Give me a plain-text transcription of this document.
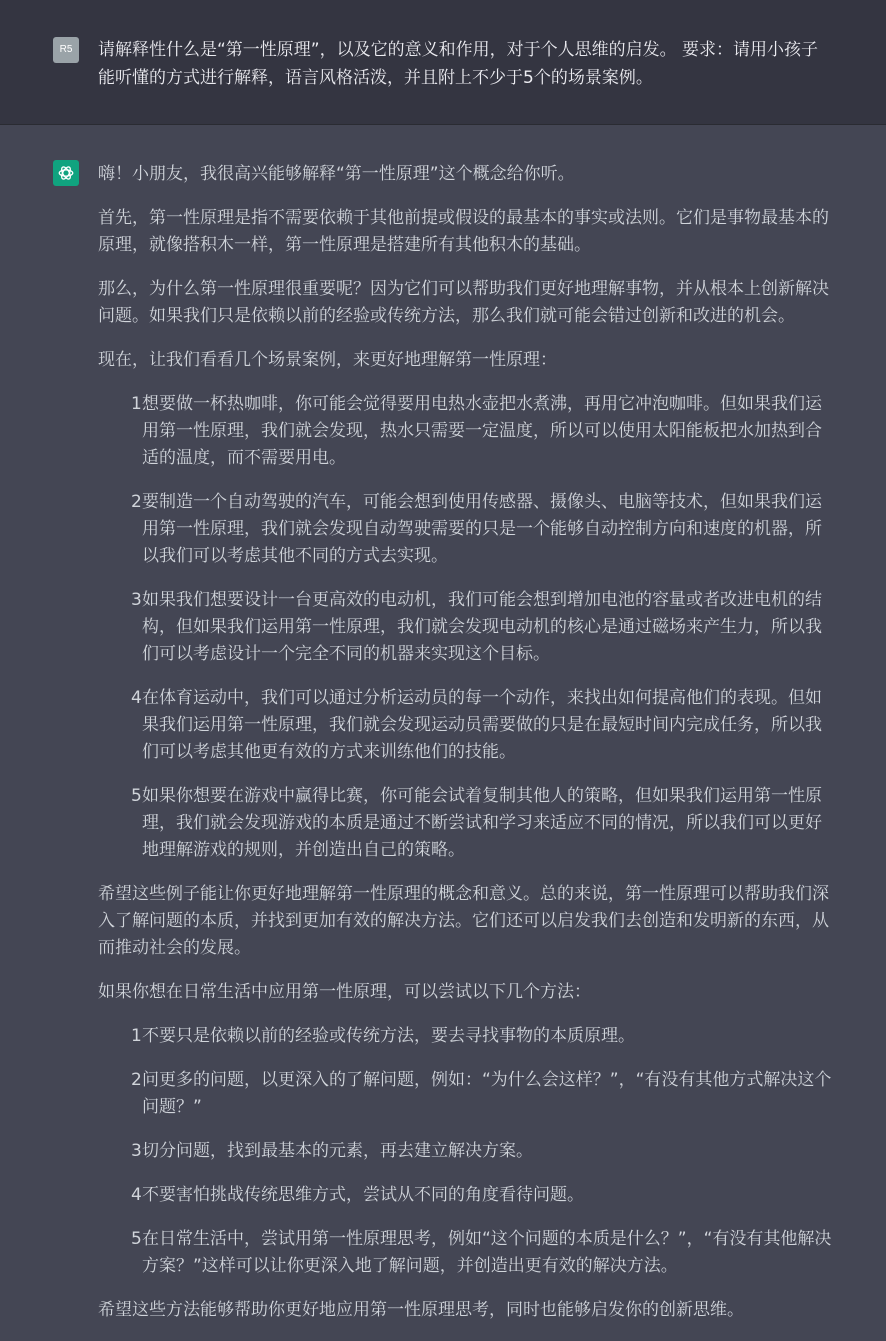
R5	请解释性什么是“第一性原理”，以及它的意义和作用，对于个人思维的启发。 要求：请用小孩子能听懂的方式进行解释，语言风格活泼，并且附上不少于5个的场景案例。

嗨！小朋友，我很高兴能够解释“第一性原理”这个概念给你听。

首先，第一性原理是指不需要依赖于其他前提或假设的最基本的事实或法则。它们是事物最基本的原理，就像搭积木一样，第一性原理是搭建所有其他积木的基础。

那么，为什么第一性原理很重要呢？因为它们可以帮助我们更好地理解事物，并从根本上创新解决问题。如果我们只是依赖以前的经验或传统方法，那么我们就可能会错过创新和改进的机会。

现在，让我们看看几个场景案例，来更好地理解第一性原理：

1 想要做一杯热咖啡，你可能会觉得要用电热水壶把水煮沸，再用它冲泡咖啡。但如果我们运用第一性原理，我们就会发现，热水只需要一定温度，所以可以使用太阳能板把水加热到合适的温度，而不需要用电。
2 要制造一个自动驾驶的汽车，可能会想到使用传感器、摄像头、电脑等技术，但如果我们运用第一性原理，我们就会发现自动驾驶需要的只是一个能够自动控制方向和速度的机器，所以我们可以考虑其他不同的方式去实现。
3 如果我们想要设计一台更高效的电动机，我们可能会想到增加电池的容量或者改进电机的结构，但如果我们运用第一性原理，我们就会发现电动机的核心是通过磁场来产生力，所以我们可以考虑设计一个完全不同的机器来实现这个目标。
4 在体育运动中，我们可以通过分析运动员的每一个动作，来找出如何提高他们的表现。但如果我们运用第一性原理，我们就会发现运动员需要做的只是在最短时间内完成任务，所以我们可以考虑其他更有效的方式来训练他们的技能。
5 如果你想要在游戏中赢得比赛，你可能会试着复制其他人的策略，但如果我们运用第一性原理，我们就会发现游戏的本质是通过不断尝试和学习来适应不同的情况，所以我们可以更好地理解游戏的规则，并创造出自己的策略。

希望这些例子能让你更好地理解第一性原理的概念和意义。总的来说，第一性原理可以帮助我们深入了解问题的本质，并找到更加有效的解决方法。它们还可以启发我们去创造和发明新的东西，从而推动社会的发展。

如果你想在日常生活中应用第一性原理，可以尝试以下几个方法：

1 不要只是依赖以前的经验或传统方法，要去寻找事物的本质原理。
2 问更多的问题，以更深入的了解问题，例如：“为什么会这样？”，“有没有其他方式解决这个问题？”
3 切分问题，找到最基本的元素，再去建立解决方案。
4 不要害怕挑战传统思维方式，尝试从不同的角度看待问题。
5 在日常生活中，尝试用第一性原理思考，例如“这个问题的本质是什么？”，“有没有其他解决方案？”这样可以让你更深入地了解问题，并创造出更有效的解决方法。

希望这些方法能够帮助你更好地应用第一性原理思考，同时也能够启发你的创新思维。
